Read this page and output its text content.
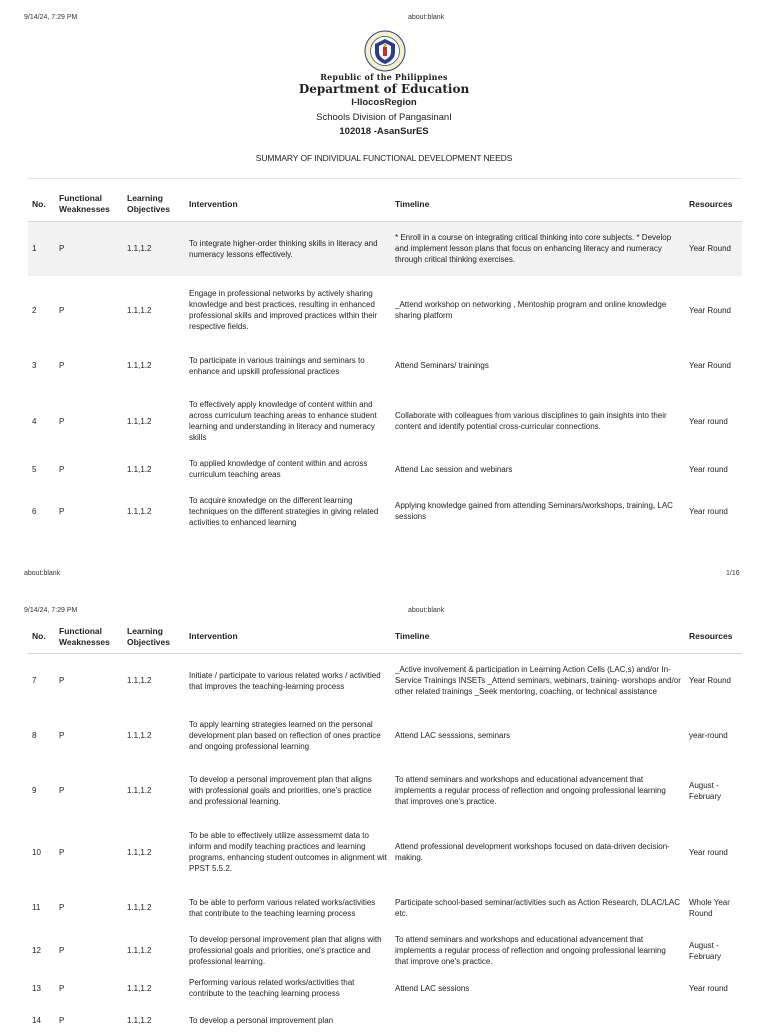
9/14/24, 7:29 PM	about:blank
Republic of the Philippines
Department of Education
I-IlocosRegion
Schools Division of PangasinanI
102018 -AsanSurES
SUMMARY OF INDIVIDUAL FUNCTIONAL DEVELOPMENT NEEDS
No.	Functional Weaknesses	Learning Objectives	Intervention	Timeline	Resources
1	P	1.1,1.2	To integrate higher-order thinking skills in literacy and numeracy lessons effectively.	* Enroll in a course on integrating critical thinking into core subjects. * Develop and implement lesson plans that focus on enhancing literacy and numeracy through critical thinking exercises.	Year Round
2	P	1.1,1.2	Engage in professional networks by actively sharing knowledge and best practices, resulting in enhanced professional skills and improved practices within their respective fields.	_Attend workshop on networking , Mentoship program and online knowledge sharing platform	Year Round
3	P	1.1,1.2	To participate in various trainings and seminars to enhance and upskill professional practices	Attend Seminars/ trainings	Year Round
4	P	1.1,1.2	To effectively apply knowledge of content within and across curriculum teaching areas to enhance student learning and understanding in literacy and numeracy skills	Collaborate with colleagues from various disciplines to gain insights into their content and identify potential cross-curricular connections.	Year round
5	P	1.1,1.2	To applied knowledge of content within and across curriculum teaching areas	Attend Lac session and webinars	Year round
6	P	1.1,1.2	To acquire knowledge on the different learning techniques on the different strategies in giving related activities to enhanced learning	Applying knowledge gained from attending Seminars/workshops, training, LAC sessions	Year round
about:blank	1/16
9/14/24, 7:29 PM	about:blank
No.	Functional Weaknesses	Learning Objectives	Intervention	Timeline	Resources
7	P	1.1,1.2	Initiate / participate to various related works / activitied that improves the teaching-learning process	_Active involvement & participation in Learning Action Cells (LAC,s) and/or In-Service Trainings INSETs _Attend seminars, webinars, training- worshops and/or other related trainings _Seek mentoring, coaching, or technical assistance	Year Round
8	P	1.1,1.2	To apply learning strategies learned on the personal development plan based on reflection of ones practice and ongoing professional learning	Attend LAC sesssions, seminars	year-round
9	P	1.1,1.2	To develop a personal improvement plan that aligns with professional goals and priorities, one's practice and professional learning.	To attend seminars and workshops and educational advancement that implements a regular process of reflection and ongoing professional learning that improves one's practice.	August - February
10	P	1.1,1.2	To be able to effectively utilize assessmemt data to inform and modify teaching practices and learning programs, enhancing student outcomes in alignment wit PPST 5.5.2.	Attend professional development workshops focused on data-driven decision-making.	Year round
11	P	1.1,1.2	To be able to perform various related works/activities that contribute to the teaching learning process	Participate school-based seminar/activities such as Action Research, DLAC/LAC etc.	Whole Year Round
12	P	1.1,1.2	To develop personal improvement plan that aligns with professional goals and priorities, one's practice and professional learning.	To attend seminars and workshops and educational advancement that implements a regular process of reflection and ongoing professional learning that improve one's practice.	August - February
13	P	1.1,1.2	Performing various related works/activities that contribute to the teaching learning process	Attend LAC sessions	Year round
14	P	1.1,1.2	To develop a personal improvement plan		
